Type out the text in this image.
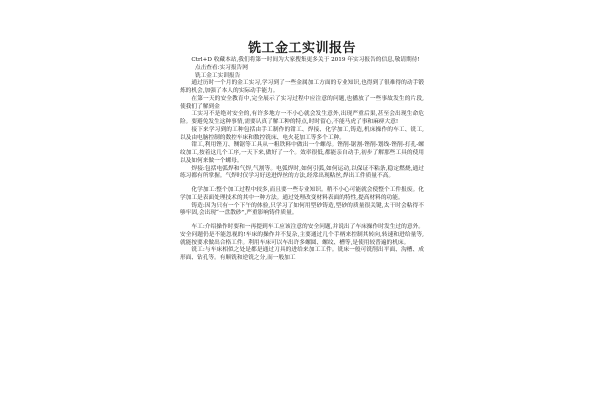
铣工金工实训报告

Ctrl+D 收藏本站,我们将第一时间为大家搜集更多关于 2019 年实习报告的信息,敬请期待!

点击查看:实习报告网

铣工金工实训报告

通过历时一个月的金工实习,学习到了一些金属加工方面的专业知识,也得到了很难得的动手锻炼的机会,加强了本人的实际动手能力。

在第一天的安全教育中,完全展示了实习过程中应注意的问题,也播放了一些事故发生的片段,使我们了解到金

工实习不是绝对安全的,有许多地方一不小心就会发生意外,出现严重后果,甚至会出现生命危险。要避免发生这种事情,需要认真了解工种的特点,时时留心,不能马虎了事和麻痹大意!

接下来学习到的工种包括由手工制作的钳工、焊接、化学加工,铸造,机床操作的车工、铣工,以及由电脑控制的数控车床和数控铣床、电火花加工等多个工种。

钳工,利用锉刀、铡锯等工具从一粗铁料中做出一个螺母。锉削-锯割-锉削-划线-锉削-打孔-螺纹加工,按着这几个工序,一天下来,做好了一个。效率很低,都能亲自动手,初步了解那些工具的使用以及如何来做一个螺母。

焊接:包括电弧焊和气焊,气割等。电弧焊时,如何引弧,如何运动,以保证不粘条,稳定燃烧,通过练习都有所掌握。气焊时仅学习好送进焊丝的方法,经常出现粘丝,焊出工件质量不高。

化学加工:整个加工过程中较多,而且要一些专业知识。稍不小心可能就会使整个工件报废。化学加工是表面处理技术的其中一种方法。通过处理改变材料表面的特性,提高材料的功能。

铸造:因为只有一个下午的体验,只学习了如何用型砂铸造,型砂的质量很关键,太干时会粘得不够牢固,会出现“一盘散砂”,严重影响铸件质量。

车工:介绍操作时要和一再提到车工应该注意的安全问题,并说出了车床操作时发生过的意外。安全问题仍是不能忽视的!车床的操作并不复杂,主要通过几个手柄来控制其转向,转速和进给量等,就能按要求做出合格工件。利用车床可以车出许多螺圆、螺纹、槽等,是使用较普遍的机床。

铣工:与车床相似之处是都是通过刀具的进给来加工工件。铣床一般可铣削出平面、沟槽、成形面、钻孔等。有顺铣和逆铣之分,而一般加工
